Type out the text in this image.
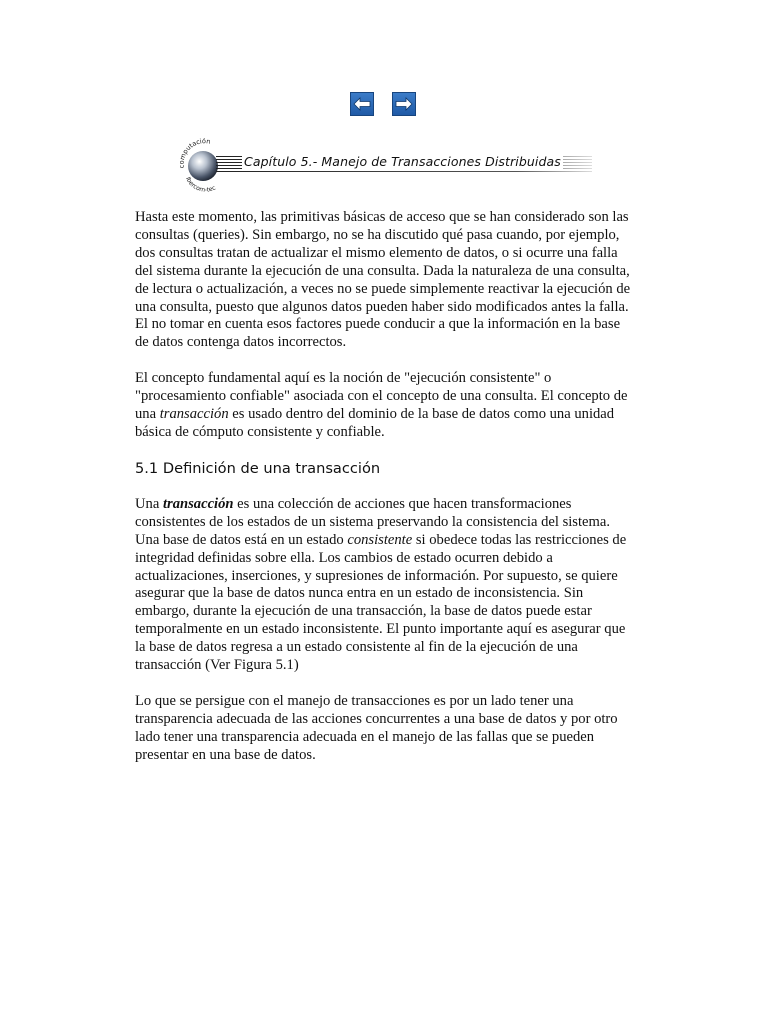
computación
Ibercom-tec
Capítulo 5.- Manejo de Transacciones Distribuidas

Hasta este momento, las primitivas básicas de acceso que se han considerado son las consultas (queries). Sin embargo, no se ha discutido qué pasa cuando, por ejemplo, dos consultas tratan de actualizar el mismo elemento de datos, o si ocurre una falla del sistema durante la ejecución de una consulta. Dada la naturaleza de una consulta, de lectura o actualización, a veces no se puede simplemente reactivar la ejecución de una consulta, puesto que algunos datos pueden haber sido modificados antes la falla. El no tomar en cuenta esos factores puede conducir a que la información en la base de datos contenga datos incorrectos.

El concepto fundamental aquí es la noción de "ejecución consistente" o "procesamiento confiable" asociada con el concepto de una consulta. El concepto de una transacción es usado dentro del dominio de la base de datos como una unidad básica de cómputo consistente y confiable.

5.1 Definición de una transacción

Una transacción es una colección de acciones que hacen transformaciones consistentes de los estados de un sistema preservando la consistencia del sistema. Una base de datos está en un estado consistente si obedece todas las restricciones de integridad definidas sobre ella. Los cambios de estado ocurren debido a actualizaciones, inserciones, y supresiones de información. Por supuesto, se quiere asegurar que la base de datos nunca entra en un estado de inconsistencia. Sin embargo, durante la ejecución de una transacción, la base de datos puede estar temporalmente en un estado inconsistente. El punto importante aquí es asegurar que la base de datos regresa a un estado consistente al fin de la ejecución de una transacción (Ver Figura 5.1)

Lo que se persigue con el manejo de transacciones es por un lado tener una transparencia adecuada de las acciones concurrentes a una base de datos y por otro lado tener una transparencia adecuada en el manejo de las fallas que se pueden presentar en una base de datos.
